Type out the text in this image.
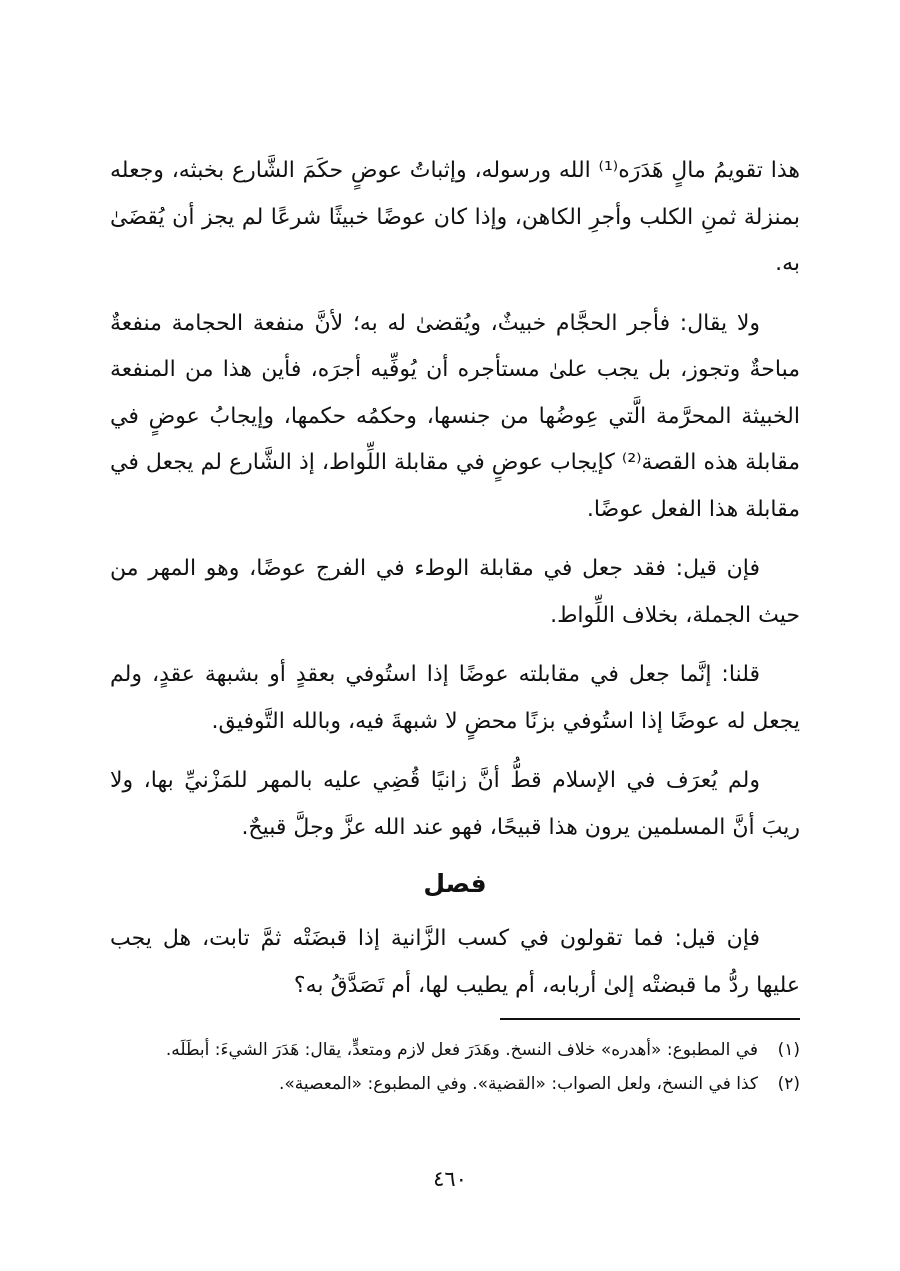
هذا تقويمُ مالٍ هَدَرَه⁽¹⁾ الله ورسوله، وإثباتُ عوضٍ حكَمَ الشَّارع بخبثه، وجعله بمنزلة ثمنِ الكلب وأجرِ الكاهن، وإذا كان عوضًا خبيثًا شرعًا لم يجز أن يُقضَىٰ به.

ولا يقال: فأجر الحجَّام خبيثٌ، ويُقضىٰ له به؛ لأنَّ منفعة الحجامة منفعةٌ مباحةٌ وتجوز، بل يجب علىٰ مستأجره أن يُوفِّيه أجرَه، فأين هذا من المنفعة الخبيثة المحرَّمة الَّتي عِوضُها من جنسها، وحكمُه حكمها، وإيجابُ عوضٍ في مقابلة هذه القصة⁽²⁾ كإيجاب عوضٍ في مقابلة اللِّواط، إذ الشَّارع لم يجعل في مقابلة هذا الفعل عوضًا.

فإن قيل: فقد جعل في مقابلة الوطء في الفرج عوضًا، وهو المهر من حيث الجملة، بخلاف اللِّواط.

قلنا: إنَّما جعل في مقابلته عوضًا إذا استُوفي بعقدٍ أو بشبهة عقدٍ، ولم يجعل له عوضًا إذا استُوفي بزنًا محضٍ لا شبهةَ فيه، وبالله التَّوفيق.

ولم يُعرَف في الإسلام قطُّ أنَّ زانيًا قُضِي عليه بالمهر للمَزْنيِّ بها، ولا ريبَ أنَّ المسلمين يرون هذا قبيحًا، فهو عند الله عزَّ وجلَّ قبيحٌ.

فصل

فإن قيل: فما تقولون في كسب الزَّانية إذا قبضَتْه ثمَّ تابت، هل يجب عليها ردُّ ما قبضتْه إلىٰ أربابه، أم يطيب لها، أم تَصَدَّقُ به؟

(١)
في المطبوع: «أهدره» خلاف النسخ. وهَدَرَ فعل لازم ومتعدٍّ، يقال: هَدَرَ الشيءَ: أبطَلَه.
(٢)
كذا في النسخ، ولعل الصواب: «القضية». وفي المطبوع: «المعصية».
٤٦٠
